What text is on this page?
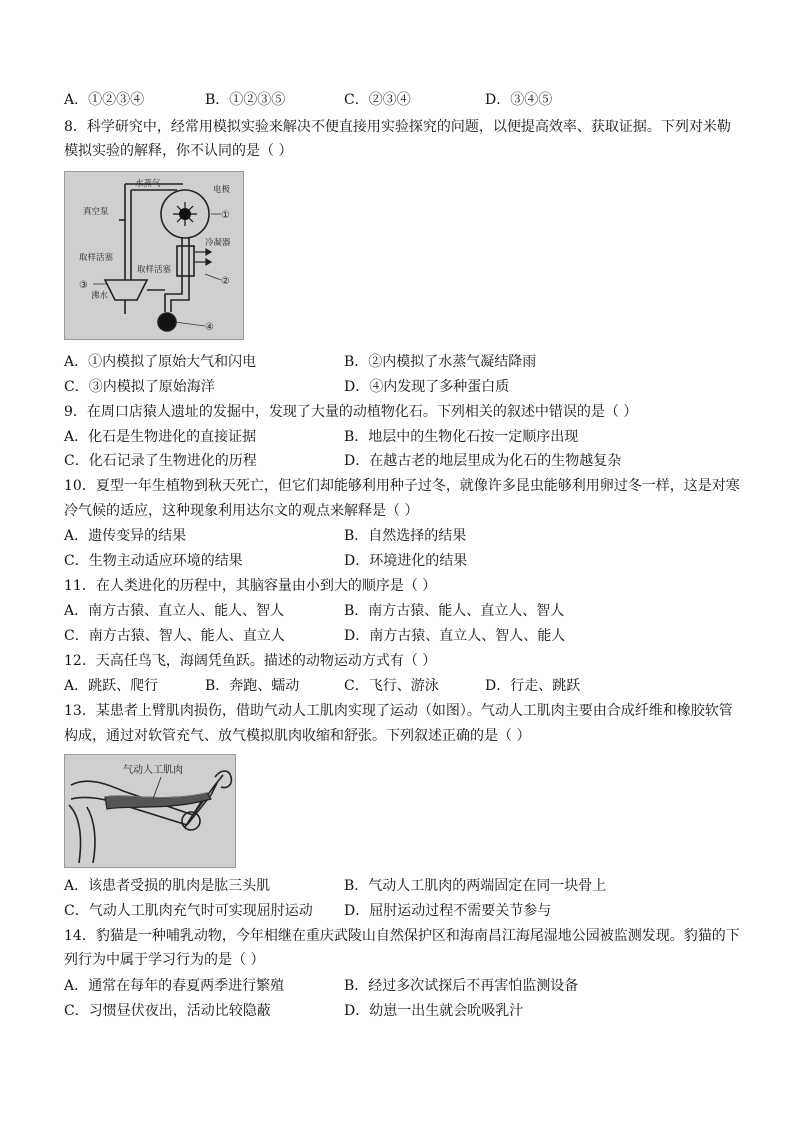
A．①②③④	B．①②③⑤	C．②③④	D．③④⑤
8．科学研究中，经常用模拟实验来解决不便直接用实验探究的问题，以便提高效率、获取证据。下列对米勒
模拟实验的解释，你不认同的是（ ）
水蒸气
电极
真空泵
冷凝器
取样活塞
取样活塞
沸水
①
②
③
④
A．①内模拟了原始大气和闪电	B．②内模拟了水蒸气凝结降雨
C．③内模拟了原始海洋	D．④内发现了多种蛋白质
9．在周口店猿人遗址的发掘中，发现了大量的动植物化石。下列相关的叙述中错误的是（ ）
A．化石是生物进化的直接证据	B．地层中的生物化石按一定顺序出现
C．化石记录了生物进化的历程	D．在越古老的地层里成为化石的生物越复杂
10．夏型一年生植物到秋天死亡，但它们却能够利用种子过冬，就像许多昆虫能够利用卵过冬一样，这是对寒
冷气候的适应，这种现象利用达尔文的观点来解释是（ ）
A．遗传变异的结果	B．自然选择的结果
C．生物主动适应环境的结果	D．环境进化的结果
11．在人类进化的历程中，其脑容量由小到大的顺序是（ ）
A．南方古猿、直立人、能人、智人	B．南方古猿、能人、直立人、智人
C．南方古猿、智人、能人、直立人	D．南方古猿、直立人、智人、能人
12．天高任鸟飞，海阔凭鱼跃。描述的动物运动方式有（ ）
A．跳跃、爬行	B．奔跑、蠕动	C．飞行、游泳	D．行走、跳跃
13．某患者上臂肌肉损伤，借助气动人工肌肉实现了运动（如图）。气动人工肌肉主要由合成纤维和橡胶软管
构成，通过对软管充气、放气模拟肌肉收缩和舒张。下列叙述正确的是（ ）
气动人工肌肉
A．该患者受损的肌肉是肱三头肌	B．气动人工肌肉的两端固定在同一块骨上
C．气动人工肌肉充气时可实现屈肘运动 D．屈肘运动过程不需要关节参与
14．豹猫是一种哺乳动物，今年相继在重庆武陵山自然保护区和海南昌江海尾湿地公园被监测发现。豹猫的下
列行为中属于学习行为的是（ ）
A．通常在每年的春夏两季进行繁殖	B．经过多次试探后不再害怕监测设备
C．习惯昼伏夜出，活动比较隐蔽	D．幼崽一出生就会吮吸乳汁
